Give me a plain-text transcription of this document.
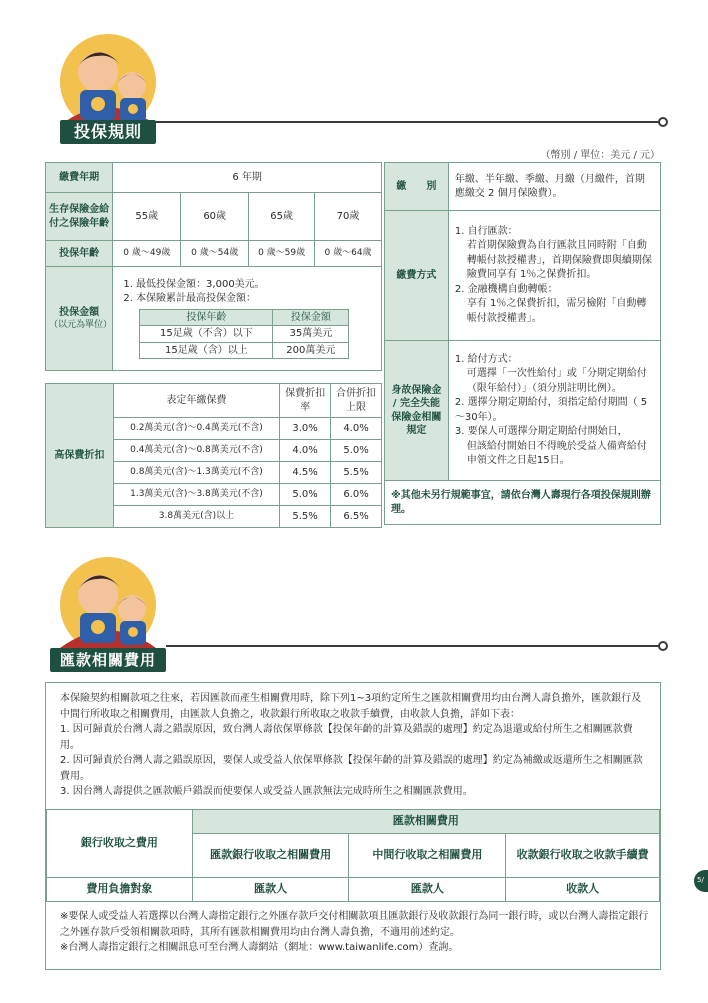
投保規則
（幣別 / 單位：美元 / 元）
繳費年期	6 年期
生存保險金給付之保險年齡	55歲	60歲	65歲	70歲
投保年齡	0 歲～49歲	0 歲～54歲	0 歲～59歲	0 歲～64歲

投保金額
（以元為單位）

1. 最低投保金額：3,000美元。
2. 本保險累計最高投保金額：
投保年齡	投保金額
15足歲（不含）以下	35萬美元
15足歲（含）以上	200萬美元
高保費折扣	表定年繳保費	保費折扣率	合併折扣上限
	0.2萬美元(含)～0.4萬美元(不含)	3.0%	4.0%
	0.4萬美元(含)～0.8萬美元(不含)	4.0%	5.0%
	0.8萬美元(含)～1.3萬美元(不含)	4.5%	5.5%
	1.3萬美元(含)～3.8萬美元(不含)	5.0%	6.0%
	3.8萬美元(含)以上	5.5%	6.5%
繳　　別	年繳、半年繳、季繳、月繳（月繳件，首期應繳交 2 個月保險費）。
繳費方式	1. 自行匯款：
若首期保險費為自行匯款且同時附「自動轉帳付款授權書」，首期保險費即與續期保險費同享有 1％之保費折扣。
2. 金融機構自動轉帳：
享有 1％之保費折扣，需另檢附「自動轉帳付款授權書」。

身故保險金 / 完全失能保險金相關規定	1. 給付方式：
可選擇「一次性給付」或「分期定期給付（限年給付）」（須分別註明比例）。
2. 選擇分期定期給付，須指定給付期間（ 5～30年）。
3. 要保人可選擇分期定期給付開始日，
但該給付開始日不得晚於受益人備齊給付申領文件之日起15日。

※其他未另行規範事宜，請依台灣人壽現行各項投保規則辦理。	
匯款相關費用
本保險契約相關款項之往來，若因匯款而產生相關費用時，除下列1~3項約定所生之匯款相關費用均由台灣人壽負擔外，匯款銀行及中間行所收取之相關費用，由匯款人負擔之，收款銀行所收取之收款手續費，由收款人負擔，詳如下表：
1. 因可歸責於台灣人壽之錯誤原因，致台灣人壽依保單條款【投保年齡的計算及錯誤的處理】約定為退還或給付所生之相關匯款費用。
2. 因可歸責於台灣人壽之錯誤原因，要保人或受益人依保單條款【投保年齡的計算及錯誤的處理】約定為補繳或返還所生之相關匯款費用。
3. 因台灣人壽提供之匯款帳戶錯誤而使要保人或受益人匯款無法完成時所生之相關匯款費用。
銀行收取之費用	匯款相關費用		
	匯款銀行收取之相關費用	中間行收取之相關費用	收款銀行收取之收款手續費
費用負擔對象	匯款人	匯款人	收款人
※要保人或受益人若選擇以台灣人壽指定銀行之外匯存款戶交付相關款項且匯款銀行及收款銀行為同一銀行時，或以台灣人壽指定銀行之外匯存款戶受領相關款項時，其所有匯款相關費用均由台灣人壽負擔，不適用前述約定。
※台灣人壽指定銀行之相關訊息可至台灣人壽網站（網址：www.taiwanlife.com）查詢。
5/
